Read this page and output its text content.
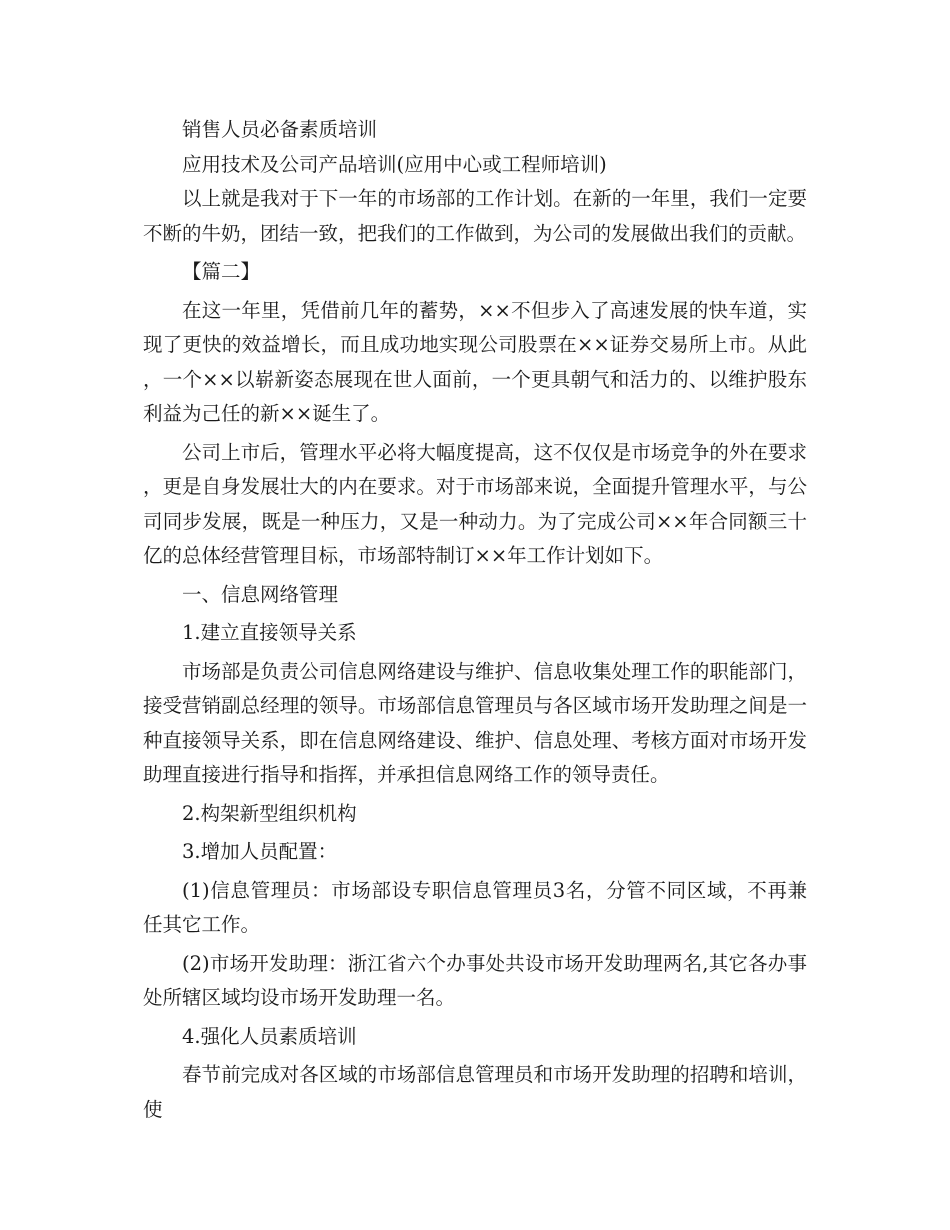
销售人员必备素质培训

应用技术及公司产品培训(应用中心或工程师培训)

以上就是我对于下一年的市场部的工作计划。在新的一年里，我们一定要不断的牛奶，团结一致，把我们的工作做到，为公司的发展做出我们的贡献。

【篇二】

在这一年里，凭借前几年的蓄势，××不但步入了高速发展的快车道，实现了更快的效益增长，而且成功地实现公司股票在××证券交易所上市。从此，一个××以崭新姿态展现在世人面前，一个更具朝气和活力的、以维护股东利益为己任的新××诞生了。

公司上市后，管理水平必将大幅度提高，这不仅仅是市场竞争的外在要求，更是自身发展壮大的内在要求。对于市场部来说，全面提升管理水平，与公司同步发展，既是一种压力，又是一种动力。为了完成公司××年合同额三十亿的总体经营管理目标，市场部特制订××年工作计划如下。

一、信息网络管理

1.建立直接领导关系

市场部是负责公司信息网络建设与维护、信息收集处理工作的职能部门，接受营销副总经理的领导。市场部信息管理员与各区域市场开发助理之间是一种直接领导关系，即在信息网络建设、维护、信息处理、考核方面对市场开发助理直接进行指导和指挥，并承担信息网络工作的领导责任。

2.构架新型组织机构

3.增加人员配置：

(1)信息管理员：市场部设专职信息管理员3名，分管不同区域，不再兼任其它工作。

(2)市场开发助理：浙江省六个办事处共设市场开发助理两名,其它各办事处所辖区域均设市场开发助理一名。

4.强化人员素质培训

春节前完成对各区域的市场部信息管理员和市场开发助理的招聘和培训，使
